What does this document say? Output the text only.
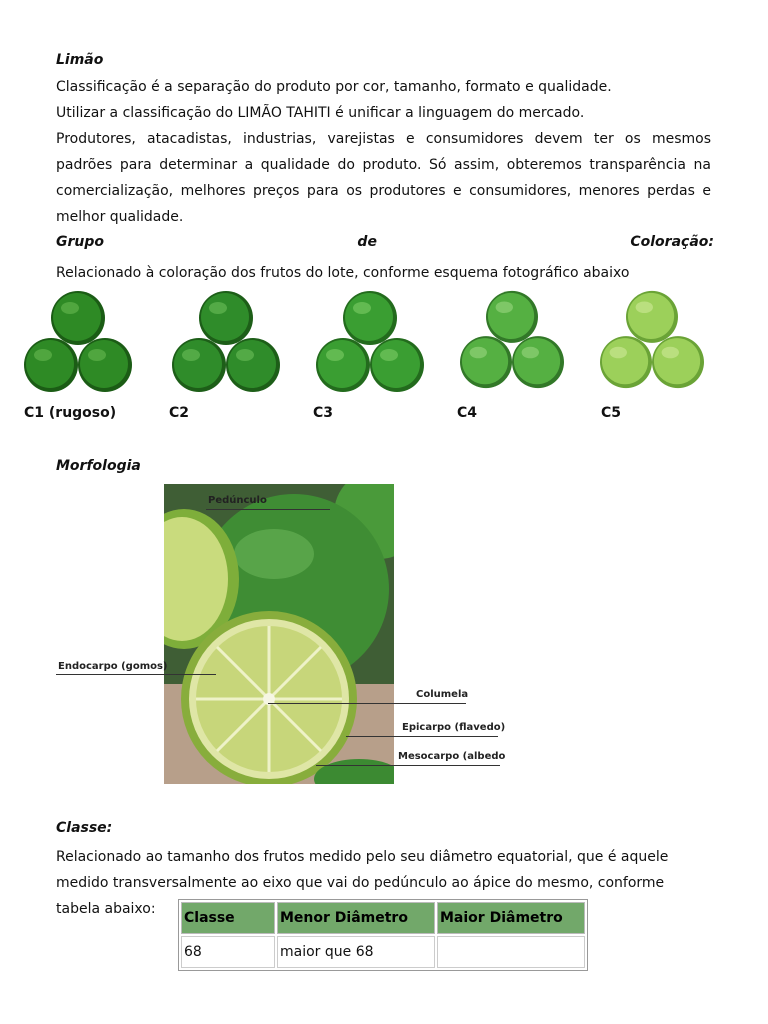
Limão

Classificação é a separação do produto por cor, tamanho, formato e qualidade.

Utilizar a classificação do LIMÃO TAHITI é unificar a linguagem do mercado.

Produtores, atacadistas, industrias, varejistas e consumidores devem ter os mesmos padrões para determinar a qualidade do produto. Só assim, obteremos transparência na comercialização, melhores preços para os produtores e consumidores, menores perdas e melhor qualidade.

Grupo	de	Coloração:

Relacionado à coloração dos frutos do lote, conforme esquema fotográfico abaixo

C1 (rugoso)	C2	C3	C4	C5

Morfologia

Pedúnculo
Endocarpo (gomos)
Columela
Epicarpo (flavedo)
Mesocarpo (albedo

Classe:

Relacionado ao tamanho dos frutos medido pelo seu diâmetro equatorial, que é aquele medido transversalmente ao eixo que vai do pedúnculo ao ápice do mesmo, conforme tabela abaixo:

Classe	Menor Diâmetro	Maior Diâmetro
68	maior que 68	
